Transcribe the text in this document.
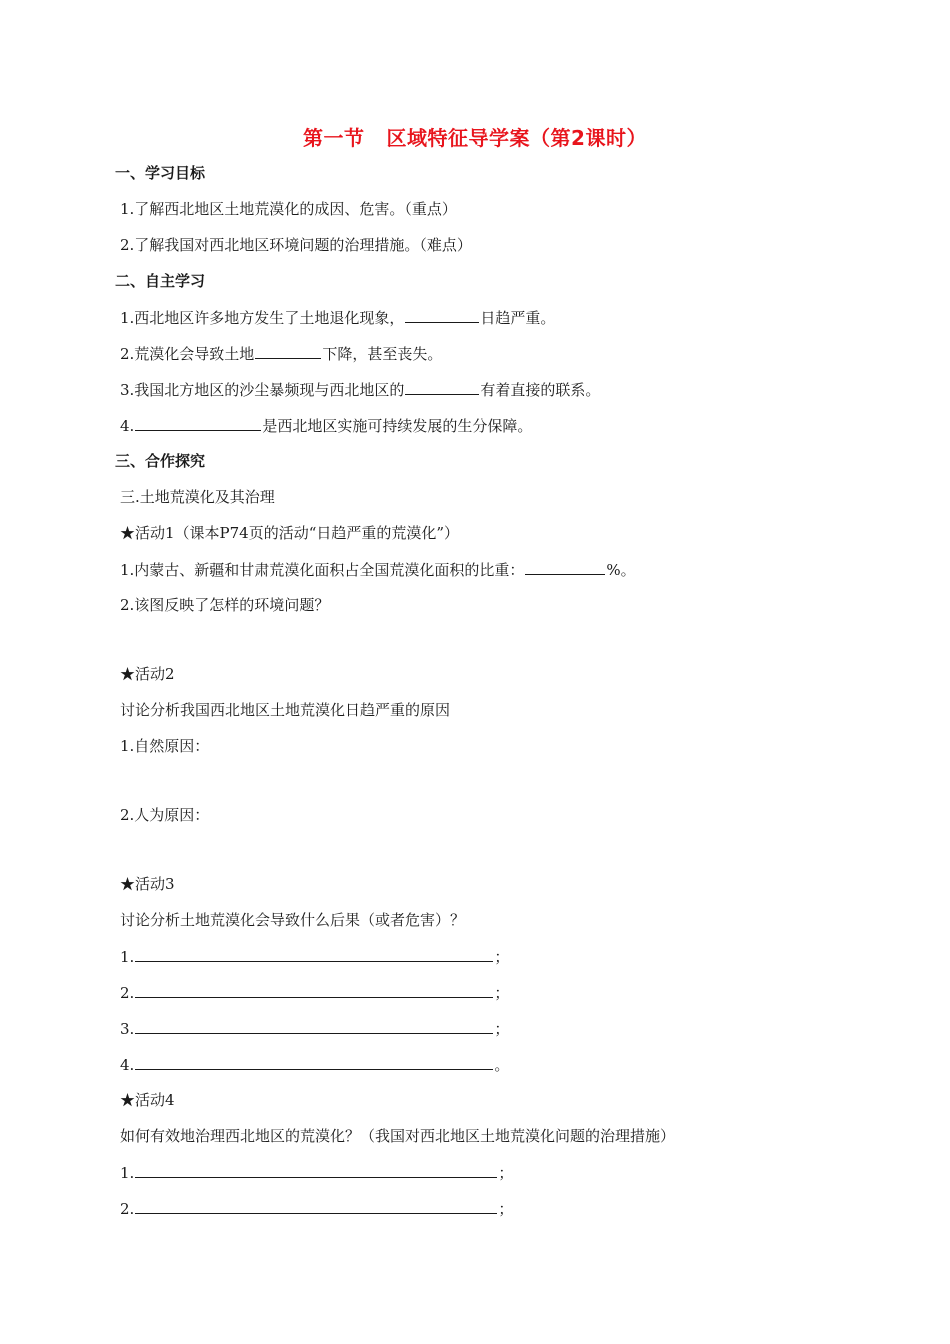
第一节 区域特征导学案（第2课时）
一、学习目标
1.了解西北地区土地荒漠化的成因、危害。（重点）
2.了解我国对西北地区环境问题的治理措施。（难点）
二、自主学习
1.西北地区许多地方发生了土地退化现象，	日趋严重。
2.荒漠化会导致土地	下降，甚至丧失。
3.我国北方地区的沙尘暴频现与西北地区的	有着直接的联系。
4.	是西北地区实施可持续发展的生分保障。
三、合作探究
三.土地荒漠化及其治理
★活动1（课本P74页的活动“日趋严重的荒漠化”）
1.内蒙古、新疆和甘肃荒漠化面积占全国荒漠化面积的比重：	%。
2.该图反映了怎样的环境问题？
★活动2
讨论分析我国西北地区土地荒漠化日趋严重的原因
1.自然原因：
2.人为原因：
★活动3
讨论分析土地荒漠化会导致什么后果（或者危害）？
1.	；
2.	；
3.	；
4.	。
★活动4
如何有效地治理西北地区的荒漠化？（我国对西北地区土地荒漠化问题的治理措施）
1.	；
2.	；
